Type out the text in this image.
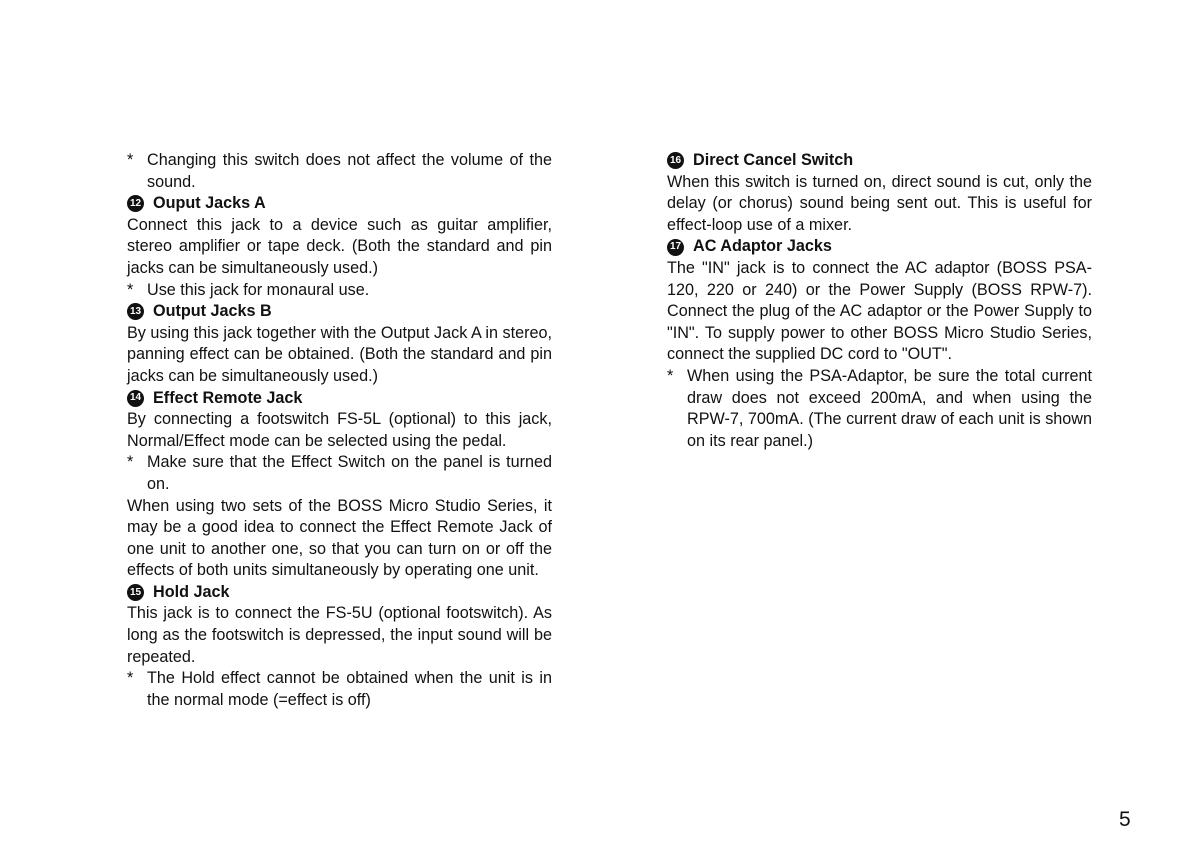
* Changing this switch does not affect the volume of the sound.
12 Ouput Jacks A

Connect this jack to a device such as guitar amplifier, stereo amplifier or tape deck. (Both the standard and pin jacks can be simultaneously used.)

* Use this jack for monaural use.
13 Output Jacks B

By using this jack together with the Output Jack A in stereo, panning effect can be obtained. (Both the standard and pin jacks can be simultaneously used.)

14 Effect Remote Jack

By connecting a footswitch FS-5L (optional) to this jack, Normal/Effect mode can be selected using the pedal.

* Make sure that the Effect Switch on the panel is turned on.

When using two sets of the BOSS Micro Studio Series, it may be a good idea to connect the Effect Remote Jack of one unit to another one, so that you can turn on or off the effects of both units simultaneously by operating one unit.

15 Hold Jack

This jack is to connect the FS-5U (optional footswitch). As long as the footswitch is depressed, the input sound will be repeated.

* The Hold effect cannot be obtained when the unit is in the normal mode (=effect is off)
16 Direct Cancel Switch

When this switch is turned on, direct sound is cut, only the delay (or chorus) sound being sent out. This is useful for effect-loop use of a mixer.

17 AC Adaptor Jacks

The "IN" jack is to connect the AC adaptor (BOSS PSA-120, 220 or 240) or the Power Supply (BOSS RPW-7). Connect the plug of the AC adaptor or the Power Supply to "IN". To supply power to other BOSS Micro Studio Series, connect the supplied DC cord to "OUT".

* When using the PSA-Adaptor, be sure the total current draw does not exceed 200mA, and when using the RPW-7, 700mA. (The current draw of each unit is shown on its rear panel.)
5
